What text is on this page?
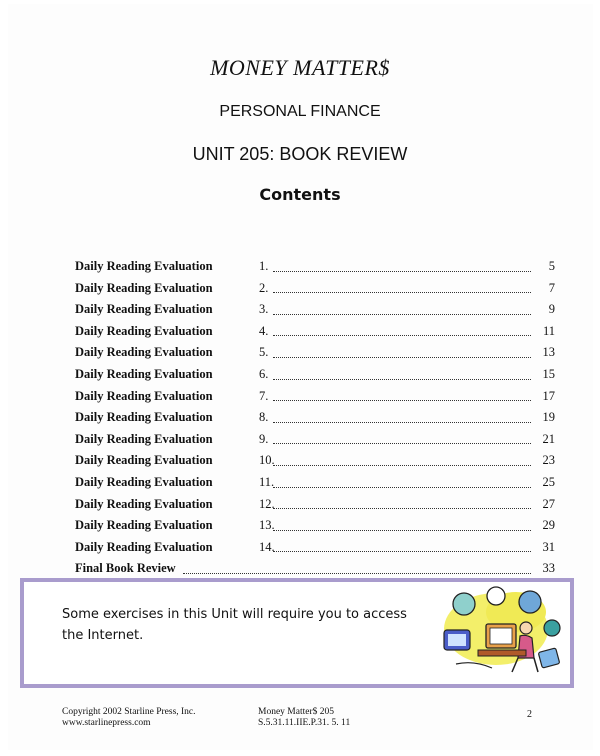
MONEY MATTER$
PERSONAL FINANCE
UNIT 205: BOOK REVIEW
Contents
Daily Reading Evaluation	1.	5
Daily Reading Evaluation	2.	7
Daily Reading Evaluation	3.	9
Daily Reading Evaluation	4.	11
Daily Reading Evaluation	5.	13
Daily Reading Evaluation	6.	15
Daily Reading Evaluation	7.	17
Daily Reading Evaluation	8.	19
Daily Reading Evaluation	9.	21
Daily Reading Evaluation	10.	23
Daily Reading Evaluation	11.	25
Daily Reading Evaluation	12.	27
Daily Reading Evaluation	13.	29
Daily Reading Evaluation	14.	31
Final Book Review	33
Some exercises in this Unit will require you to access the Internet.
Copyright 2002 Starline Press, Inc.
www.starlinepress.com
Money Matter$ 205
S.5.31.11.IIE.P.31. 5. 11
2
